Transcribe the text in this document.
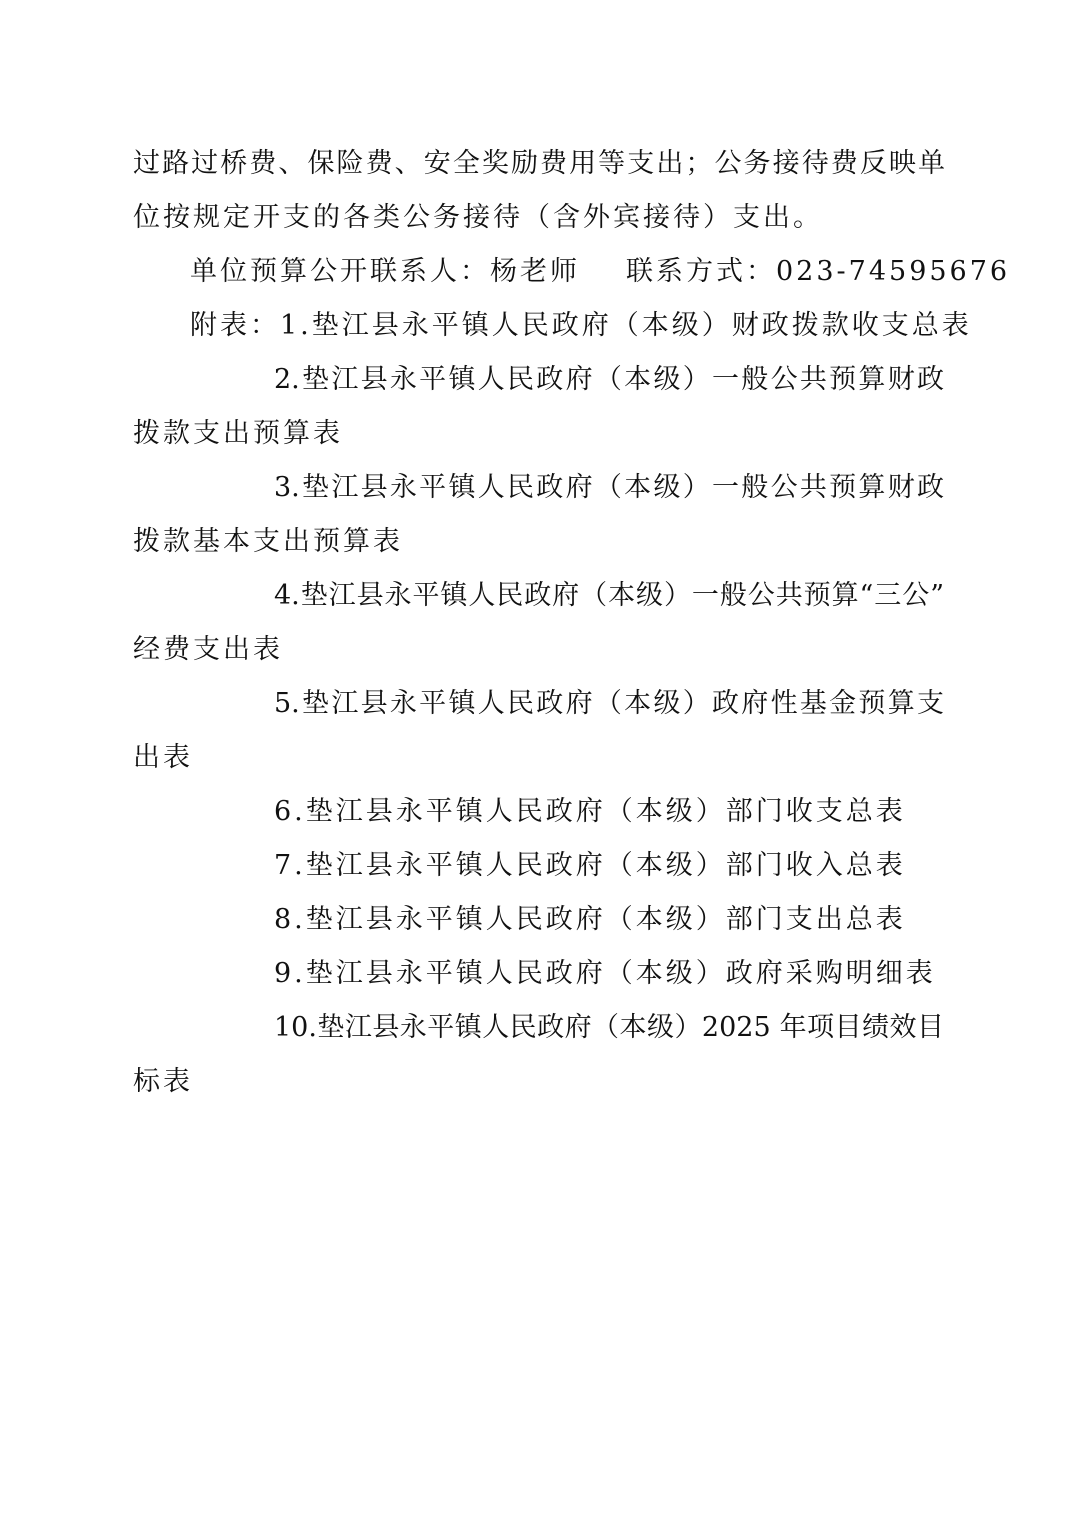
过路过桥费、保险费、安全奖励费用等支出；公务接待费反映单
位按规定开支的各类公务接待（含外宾接待）支出。
单位预算公开联系人：杨老师 联系方式：023-74595676
附表：1.垫江县永平镇人民政府（本级）财政拨款收支总表
2.垫江县永平镇人民政府（本级）一般公共预算财政
拨款支出预算表
3.垫江县永平镇人民政府（本级）一般公共预算财政
拨款基本支出预算表
4.垫江县永平镇人民政府（本级）一般公共预算“三公”
经费支出表
5.垫江县永平镇人民政府（本级）政府性基金预算支
出表
6.垫江县永平镇人民政府（本级）部门收支总表
7.垫江县永平镇人民政府（本级）部门收入总表
8.垫江县永平镇人民政府（本级）部门支出总表
9.垫江县永平镇人民政府（本级）政府采购明细表
10.垫江县永平镇人民政府（本级）2025 年项目绩效目
标表
